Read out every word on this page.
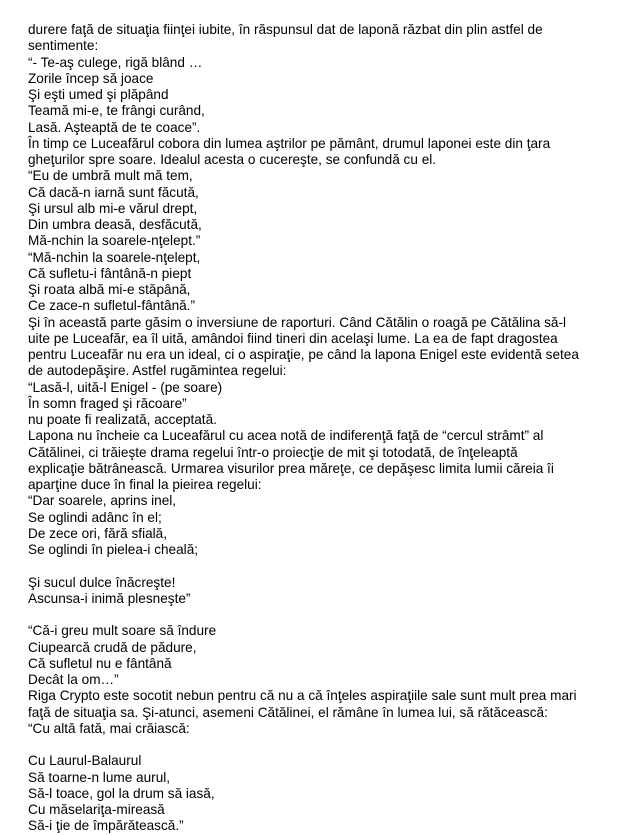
durere faţă de situaţia fiinţei iubite, în răspunsul dat de laponă răzbat din plin astfel de
sentimente:
“- Te-aş culege, rigă blând …
Zorile încep să joace
Şi eşti umed şi plăpând
Teamă mi-e, te frângi curând,
Lasă. Aşteaptă de te coace”.
În timp ce Luceafărul cobora din lumea aştrilor pe pământ, drumul laponei este din ţara
gheţurilor spre soare. Idealul acesta o cucereşte, se confundă cu el.
“Eu de umbră mult mă tem,
Că dacă-n iarnă sunt făcută,
Şi ursul alb mi-e vărul drept,
Din umbra deasă, desfăcută,
Mă-nchin la soarele-nţelept.”
“Mă-nchin la soarele-nţelept,
Că sufletu-i fântână-n piept
Şi roata albă mi-e stăpână,
Ce zace-n sufletul-fântână.”
Şi în această parte găsim o inversiune de raporturi. Când Cătălin o roagă pe Cătălina să-l
uite pe Luceafăr, ea îl uită, amândoi fiind tineri din acelaşi lume. La ea de fapt dragostea
pentru Luceafăr nu era un ideal, ci o aspiraţie, pe când la lapona Enigel este evidentă setea
de autodepăşire. Astfel rugămintea regelui:
“Lasă-l, uită-l Enigel - (pe soare)
În somn fraged şi răcoare”
nu poate fi realizată, acceptată.
Lapona nu încheie ca Luceafărul cu acea notă de indiferenţă faţă de “cercul strâmt” al
Cătălinei, ci trăieşte drama regelui într-o proiecţie de mit şi totodată, de înţeleaptă
explicaţie bătrânească. Urmarea visurilor prea măreţe, ce depăşesc limita lumii căreia îi
aparţine duce în final la pieirea regelui:
“Dar soarele, aprins inel,
Se oglindi adânc în el;
De zece ori, fără sfială,
Se oglindi în pielea-i cheală;
Şi sucul dulce înăcreşte!
Ascunsa-i inimă plesneşte”
“Că-i greu mult soare să îndure
Ciupearcă crudă de pădure,
Că sufletul nu e fântână
Decât la om…”
Riga Crypto este socotit nebun pentru că nu a că înţeles aspiraţiile sale sunt mult prea mari
faţă de situaţia sa. Şi-atunci, asemeni Cătălinei, el rămâne în lumea lui, să rătăcească:
“Cu altă fată, mai crăiască:
Cu Laurul-Balaurul
Să toarne-n lume aurul,
Să-l toace, gol la drum să iasă,
Cu măselariţa-mireasă
Să-i ţie de împărătească.”
